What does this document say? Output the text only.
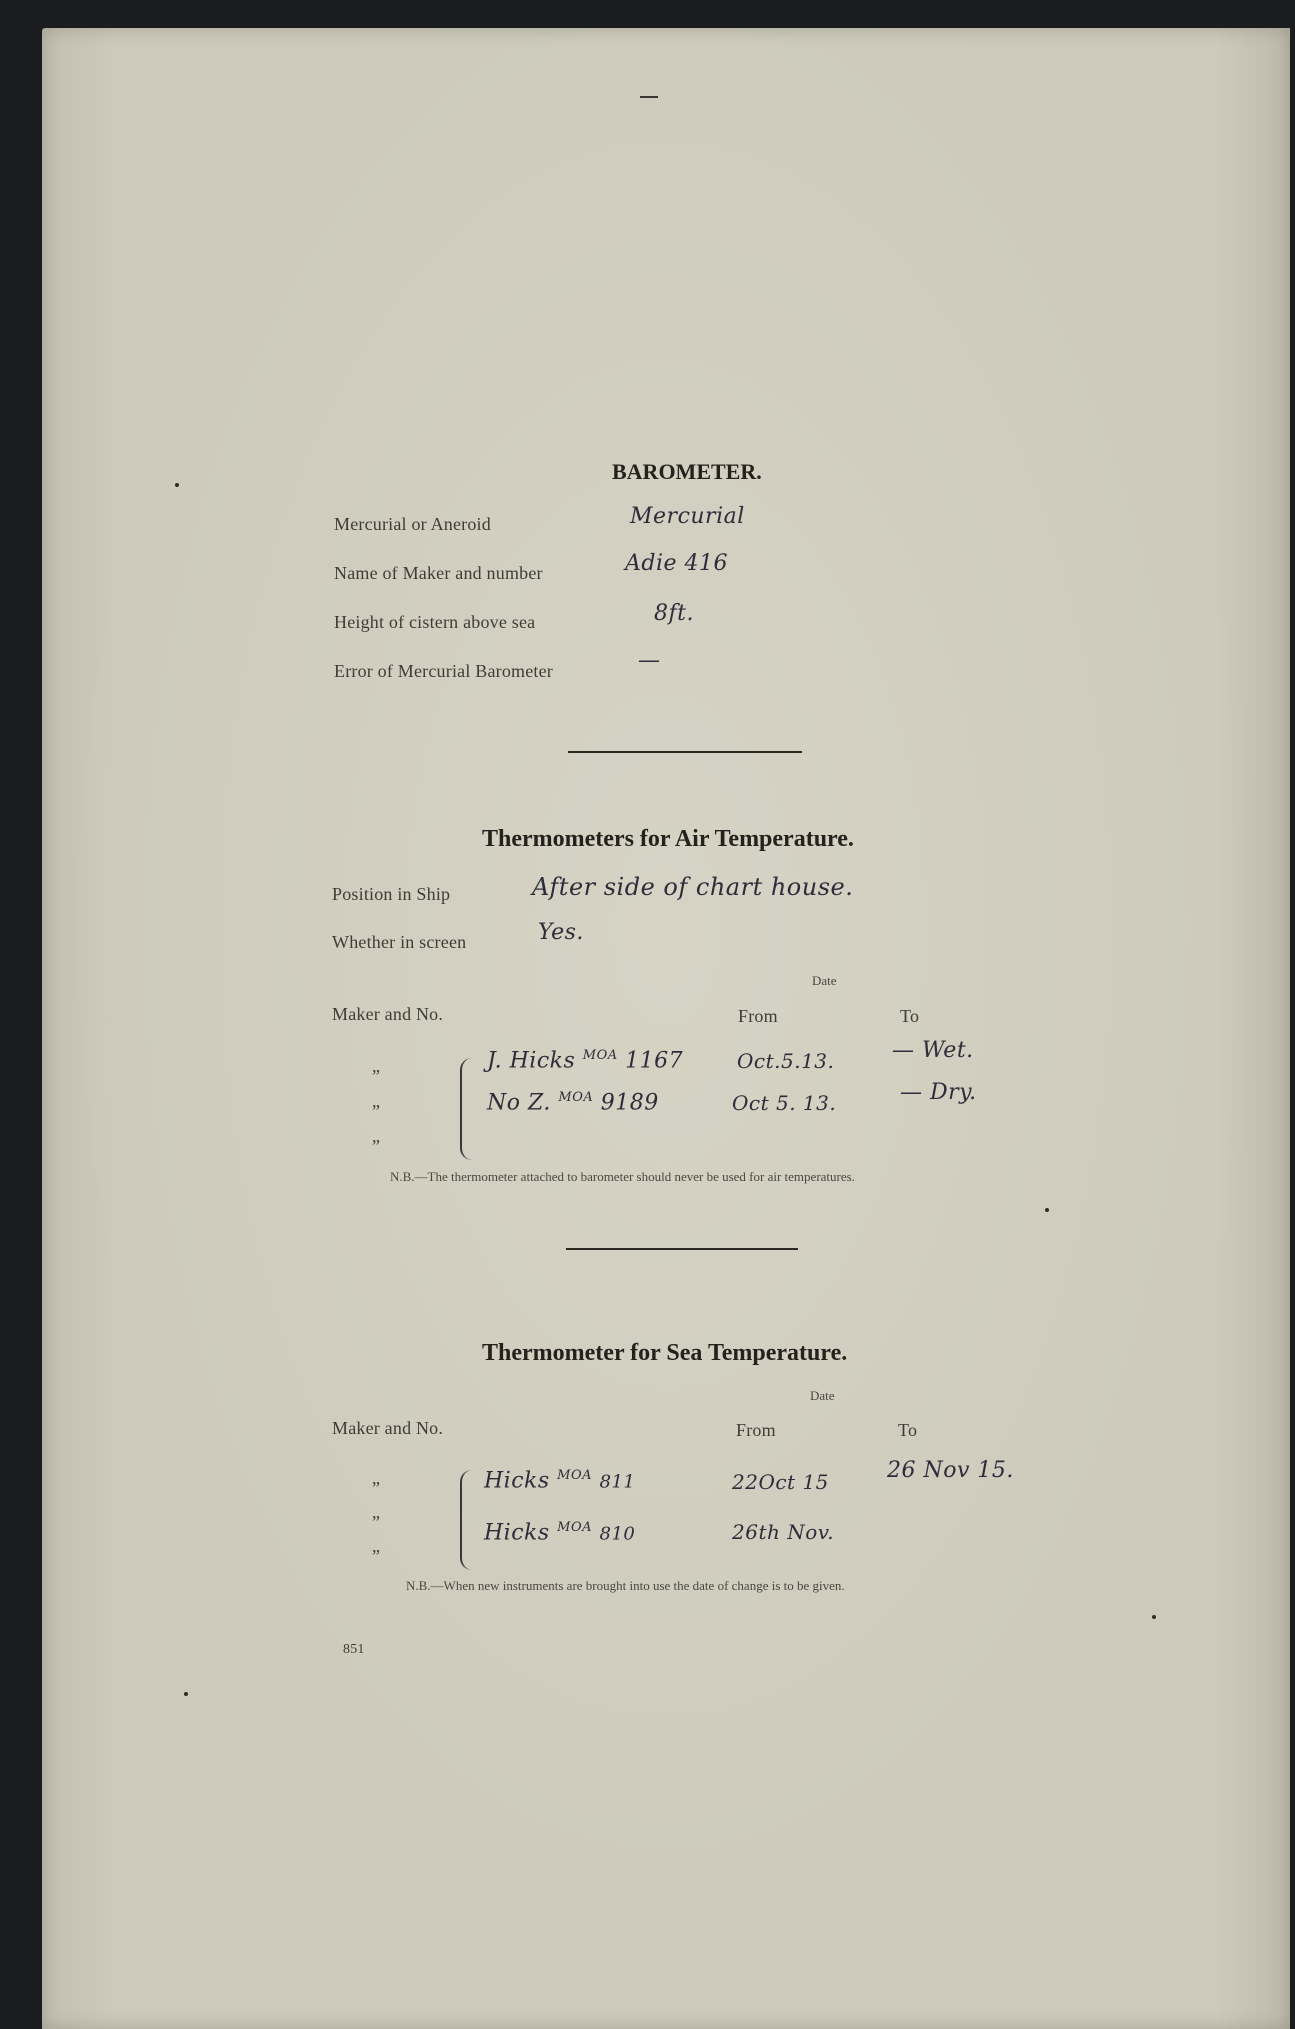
BAROMETER.
Mercurial or Aneroid	Mercurial
Name of Maker and number	Adie 416
Height of cistern above sea	8ft.
Error of Mercurial Barometer	—
Thermometers for Air Temperature.
Position in Ship	After side of chart house.
Whether in screen	Yes.
Date
Maker and No.	From	To
„
„
„
J. Hicks $^{MOA}$ 1167	Oct.5.13.	— Wet.
No Z. $^{MOA}$ 9189	Oct 5. 13.	— Dry.
N.B.—The thermometer attached to barometer should never be used for air temperatures.
Thermometer for Sea Temperature.
Date
Maker and No.	From	To
„
„
„
Hicks $^{MOA}$ 811	22Oct 15	26 Nov 15.
Hicks $^{MOA}$ 810	26th Nov.
N.B.—When new instruments are brought into use the date of change is to be given.
851
